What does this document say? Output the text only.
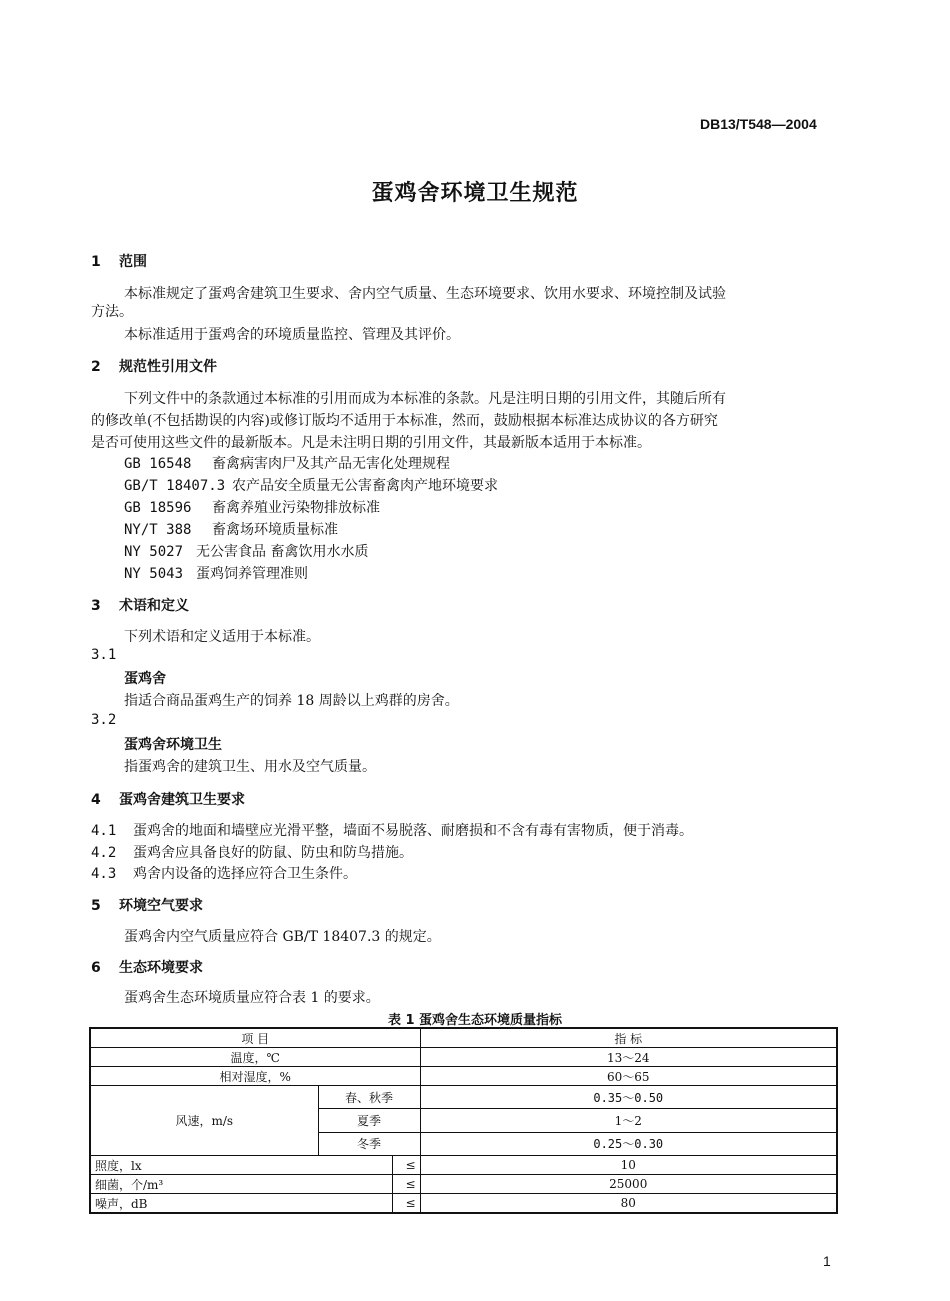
DB13/T548—2004
蛋鸡舍环境卫生规范
1 范围
本标准规定了蛋鸡舍建筑卫生要求、舍内空气质量、生态环境要求、饮用水要求、环境控制及试验
方法。
本标准适用于蛋鸡舍的环境质量监控、管理及其评价。
2 规范性引用文件
下列文件中的条款通过本标准的引用而成为本标准的条款。凡是注明日期的引用文件，其随后所有
的修改单(不包括勘误的内容)或修订版均不适用于本标准，然而，鼓励根据本标准达成协议的各方研究
是否可使用这些文件的最新版本。凡是未注明日期的引用文件，其最新版本适用于本标准。
GB 16548 畜禽病害肉尸及其产品无害化处理规程
GB/T 18407.3 农产品安全质量无公害畜禽肉产地环境要求
GB 18596 畜禽养殖业污染物排放标准
NY/T 388 畜禽场环境质量标准
NY 5027 无公害食品 畜禽饮用水水质
NY 5043 蛋鸡饲养管理准则
3 术语和定义
下列术语和定义适用于本标准。
3.1
蛋鸡舍
指适合商品蛋鸡生产的饲养 18 周龄以上鸡群的房舍。
3.2
蛋鸡舍环境卫生
指蛋鸡舍的建筑卫生、用水及空气质量。
4 蛋鸡舍建筑卫生要求
4.1 蛋鸡舍的地面和墙壁应光滑平整，墙面不易脱落、耐磨损和不含有毒有害物质，便于消毒。
4.2 蛋鸡舍应具备良好的防鼠、防虫和防鸟措施。
4.3 鸡舍内设备的选择应符合卫生条件。
5 环境空气要求
蛋鸡舍内空气质量应符合 GB/T 18407.3 的规定。
6 生态环境要求
蛋鸡舍生态环境质量应符合表 1 的要求。
表 1 蛋鸡舍生态环境质量指标
项 目			指 标
温度，℃			13～24
相对湿度，%			60～65
风速，m/s	春、秋季		0.35～0.50
	夏季		1～2
	冬季		0.25～0.30
照度，lx		≤	10
细菌，个/m³		≤	25000
噪声，dB		≤	80
1
